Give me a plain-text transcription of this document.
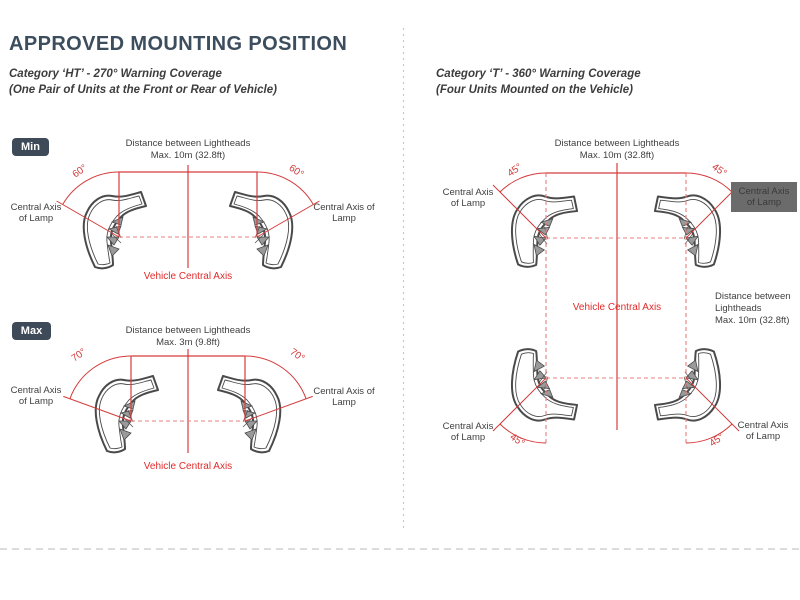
APPROVED MOUNTING POSITION
Category ‘HT’ - 270° Warning Coverage
(One Pair of Units at the Front or Rear of Vehicle)
Category ‘T’ - 360° Warning Coverage
(Four Units Mounted on the Vehicle)
Min	Distance between Lightheads
Max. 10m (32.8ft)
60°	60°
Central Axis
of Lamp
Central Axis of
Lamp
Vehicle Central Axis
Max	Distance between Lightheads
Max. 3m (9.8ft)
70°	70°
Central Axis
of Lamp
Central Axis of
Lamp
Vehicle Central Axis
Distance between Lightheads
Max. 10m (32.8ft)
45°	45°
Central Axis
of Lamp
Central Axis
of Lamp
Vehicle Central Axis
Distance between
Lightheads
Max. 10m (32.8ft)
Central Axis
of Lamp
Central Axis
of Lamp
45°	45°
